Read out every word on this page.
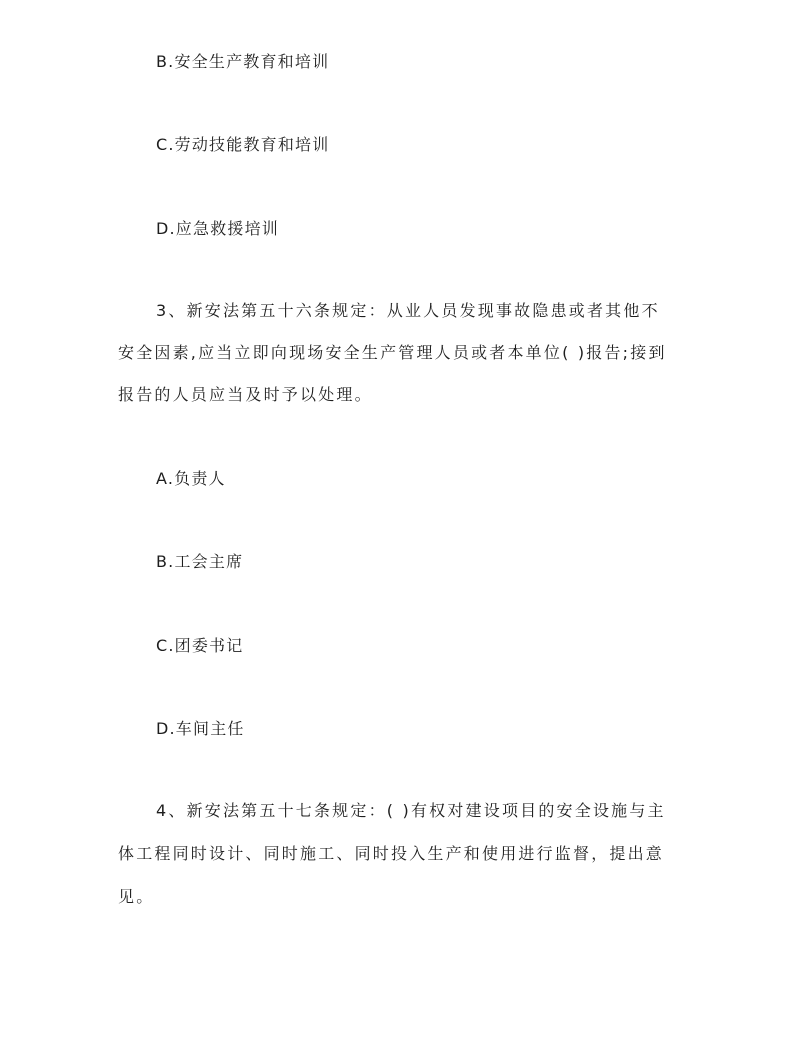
B.安全生产教育和培训
C.劳动技能教育和培训
D.应急救援培训
3、新安法第五十六条规定：从业人员发现事故隐患或者其他不
安全因素,应当立即向现场安全生产管理人员或者本单位( )报告;接到
报告的人员应当及时予以处理。
A.负责人
B.工会主席
C.团委书记
D.车间主任
4、新安法第五十七条规定：( )有权对建设项目的安全设施与主
体工程同时设计、同时施工、同时投入生产和使用进行监督，提出意
见。
